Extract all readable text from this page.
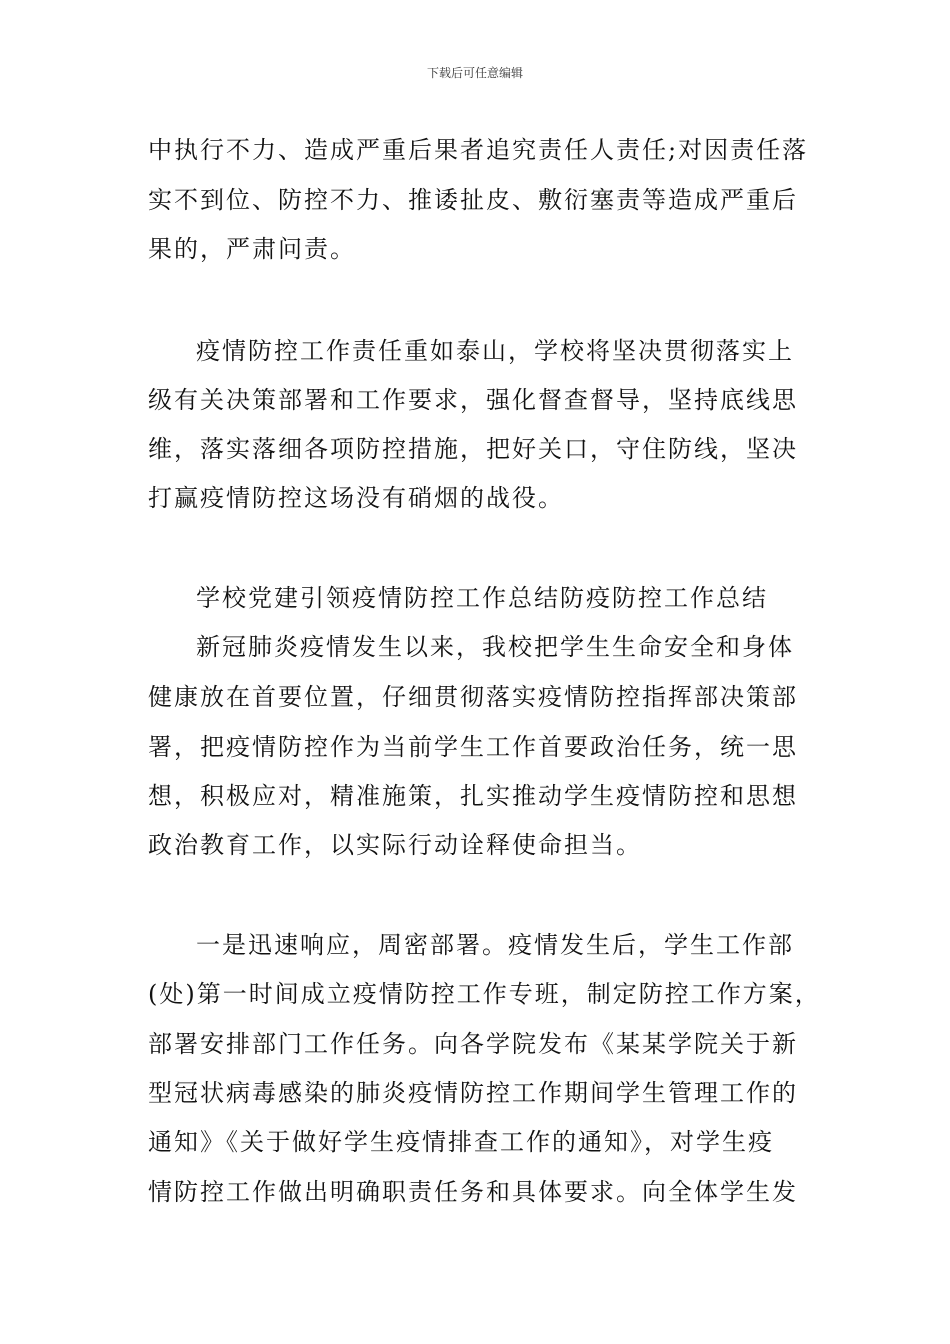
下载后可任意编辑
中执行不力、造成严重后果者追究责任人责任;对因责任落
实不到位、防控不力、推诿扯皮、敷衍塞责等造成严重后
果的，严肃问责。
疫情防控工作责任重如泰山，学校将坚决贯彻落实上
级有关决策部署和工作要求，强化督查督导，坚持底线思
维，落实落细各项防控措施，把好关口，守住防线，坚决
打赢疫情防控这场没有硝烟的战役。
学校党建引领疫情防控工作总结防疫防控工作总结
新冠肺炎疫情发生以来，我校把学生生命安全和身体
健康放在首要位置，仔细贯彻落实疫情防控指挥部决策部
署，把疫情防控作为当前学生工作首要政治任务，统一思
想，积极应对，精准施策，扎实推动学生疫情防控和思想
政治教育工作，以实际行动诠释使命担当。
一是迅速响应，周密部署。疫情发生后，学生工作部
(处)第一时间成立疫情防控工作专班，制定防控工作方案，
部署安排部门工作任务。向各学院发布《某某学院关于新
型冠状病毒感染的肺炎疫情防控工作期间学生管理工作的
通知》《关于做好学生疫情排查工作的通知》，对学生疫
情防控工作做出明确职责任务和具体要求。向全体学生发
